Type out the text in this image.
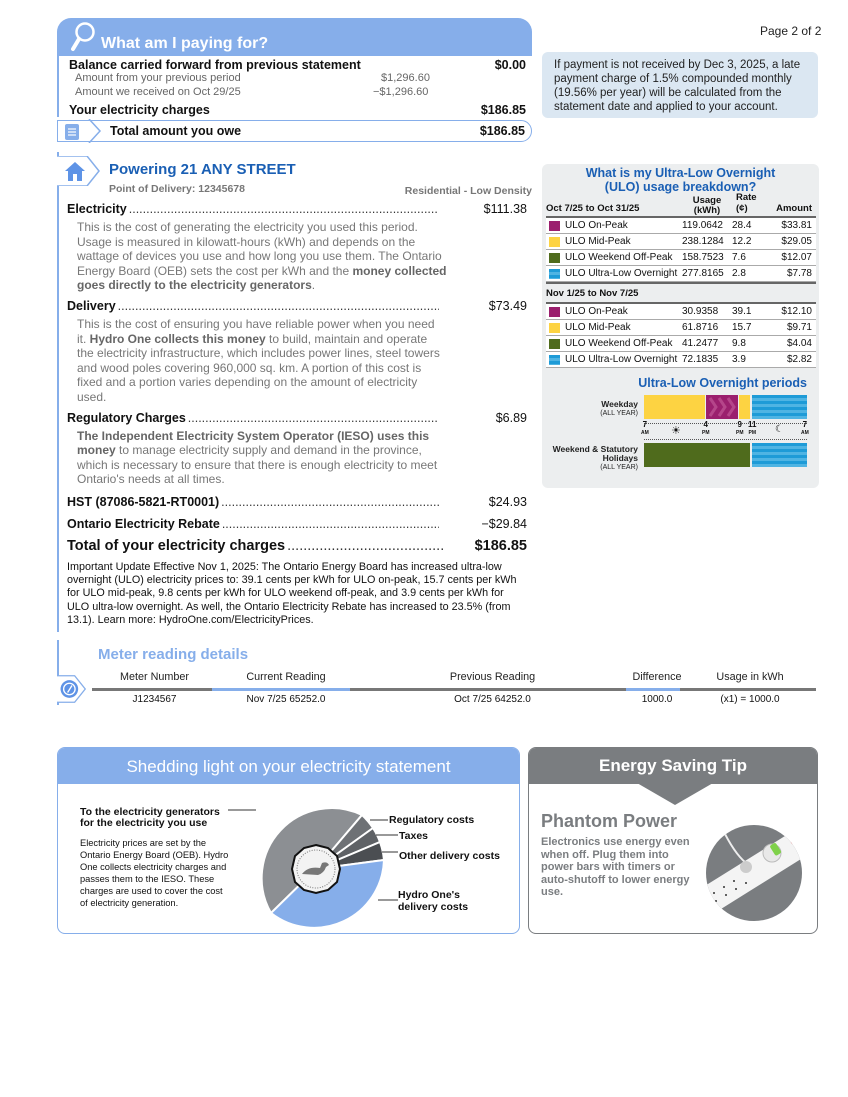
Page 2 of 2
What am I paying for?
Balance carried forward from previous statement	$0.00
Amount from your previous period	$1,296.60
Amount we received on Oct 29/25	−$1,296.60
Your electricity charges	$186.85
Total amount you owe	$186.85
If payment is not received by Dec 3, 2025, a late payment charge of 1.5% compounded monthly (19.56% per year) will be calculated from the statement date and applied to your account.
Powering 21 ANY STREET
Point of Delivery: 12345678	Residential - Low Density
Electricity .....	$111.38
This is the cost of generating the electricity you used this period. Usage is measured in kilowatt-hours (kWh) and depends on the wattage of devices you use and how long you use them. The Ontario Energy Board (OEB) sets the cost per kWh and the money collected goes directly to the electricity generators.
Delivery .....	$73.49
This is the cost of ensuring you have reliable power when you need it. Hydro One collects this money to build, maintain and operate the electricity infrastructure, which includes power lines, steel towers and wood poles covering 960,000 sq. km. A portion of this cost is fixed and a portion varies depending on the amount of electricity used.
Regulatory Charges .....	$6.89
The Independent Electricity System Operator (IESO) uses this money to manage electricity supply and demand in the province, which is necessary to ensure that there is enough electricity to meet Ontario's needs at all times.
HST (87086-5821-RT0001) .....	$24.93
Ontario Electricity Rebate .....	−$29.84
Total of your electricity charges .....	$186.85
Important Update Effective Nov 1, 2025: The Ontario Energy Board has increased ultra-low overnight (ULO) electricity prices to: 39.1 cents per kWh for ULO on-peak, 15.7 cents per kWh for ULO mid-peak, 9.8 cents per kWh for ULO weekend off-peak, and 3.9 cents per kWh for ULO ultra-low overnight. As well, the Ontario Electricity Rebate has increased to 23.5% (from 13.1). Learn more: HydroOne.com/ElectricityPrices.
Meter reading details
Meter Number	Current Reading	Previous Reading	Difference	Usage in kWh
J1234567	Nov 7/25 65252.0	Oct 7/25 64252.0	1000.0	(x1) = 1000.0
What is my Ultra-Low Overnight
(ULO) usage breakdown?
Oct 7/25 to Oct 31/25
Usage (kWh)
Rate (¢)	Amount
ULO On-Peak	119.0642 28.4	$33.81
ULO Mid-Peak	238.1284 12.2	$29.05
ULO Weekend Off-Peak 158.7523 7.6	$12.07
ULO Ultra-Low Overnight 277.8165 2.8	$7.78
Nov 1/25 to Nov 7/25
ULO On-Peak	30.9358	39.1	$12.10
ULO Mid-Peak	61.8716	15.7	$9.71
ULO Weekend Off-Peak 41.2477	9.8	$4.04
ULO Ultra-Low Overnight 72.1835	3.9	$2.82
Ultra-Low Overnight periods
Weekday
(ALL YEAR)
7
AM ☀
4
PM
9
PM
11
PM ☾ 7
AM
Weekend & Statutory Holidays
(ALL YEAR)
Shedding light on your electricity statement
To the electricity generators for the electricity you use
Electricity prices are set by the Ontario Energy Board (OEB). Hydro One collects electricity charges and passes them to the IESO. These charges are used to cover the cost of electricity generation.
Regulatory costs
Taxes
Other delivery costs
Hydro One's delivery costs
Energy Saving Tip
Phantom Power
Electronics use energy even when off. Plug them into power bars with timers or auto-shutoff to lower energy use.
